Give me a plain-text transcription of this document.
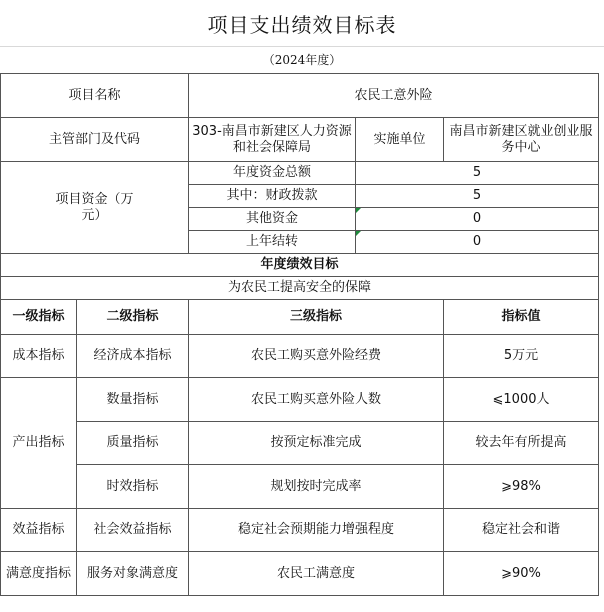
项目支出绩效目标表
（2024年度）
项目名称		农民工意外险		
主管部门及代码		303-南昌市新建区人力资源和社会保障局	实施单位	南昌市新建区就业创业服务中心
项目资金（万元）		年度资金总额	5	
		其中：财政拨款	5	
		其他资金	0	
		上年结转	0	
年度绩效目标				
为农民工提高安全的保障				
一级指标	二级指标	三级指标		指标值
成本指标	经济成本指标	农民工购买意外险经费		5万元
产出指标	数量指标	农民工购买意外险人数		⩽1000人
	质量指标	按预定标准完成		较去年有所提高
	时效指标	规划按时完成率		⩾98%
效益指标	社会效益指标	稳定社会预期能力增强程度		稳定社会和谐
满意度指标	服务对象满意度	农民工满意度		⩾90%
